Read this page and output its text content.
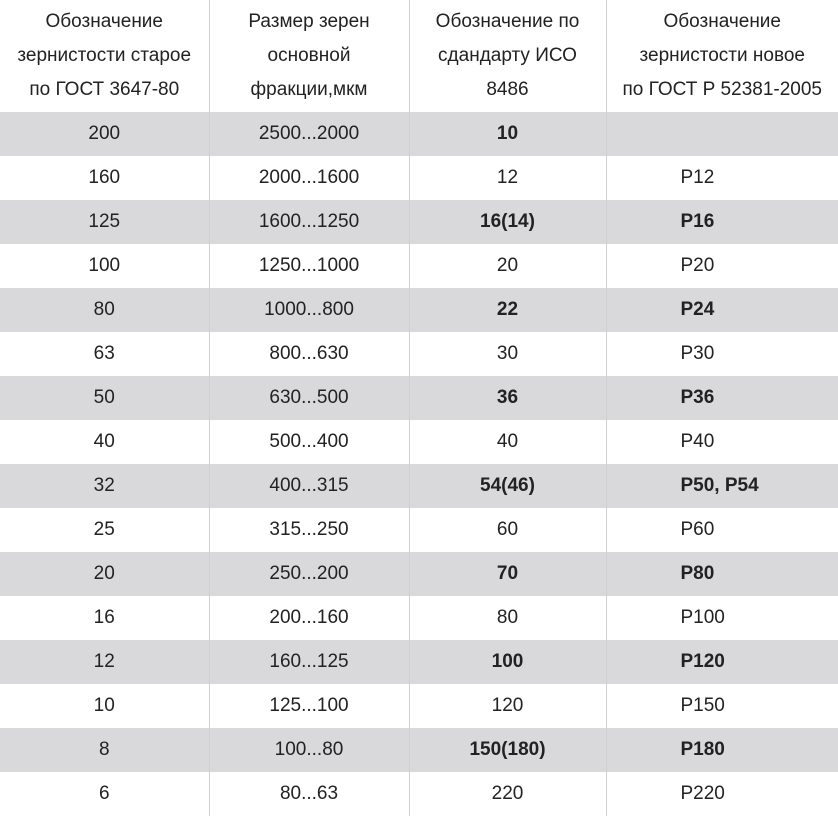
Обозначение
зернистости старое
по ГОСТ 3647-80	Размер зерен
основной
фракции,мкм	Обозначение по
сдандарту ИСО
8486	Обозначение
зернистости новое
по ГОСТ Р 52381-2005
200	2500...2000	10	
160	2000...1600	12	P12
125	1600...1250	16(14)	P16
100	1250...1000	20	P20
80	1000...800	22	P24
63	800...630	30	P30
50	630...500	36	P36
40	500...400	40	P40
32	400...315	54(46)	P50, P54
25	315...250	60	P60
20	250...200	70	P80
16	200...160	80	P100
12	160...125	100	P120
10	125...100	120	P150
8	100...80	150(180)	P180
6	80...63	220	P220
